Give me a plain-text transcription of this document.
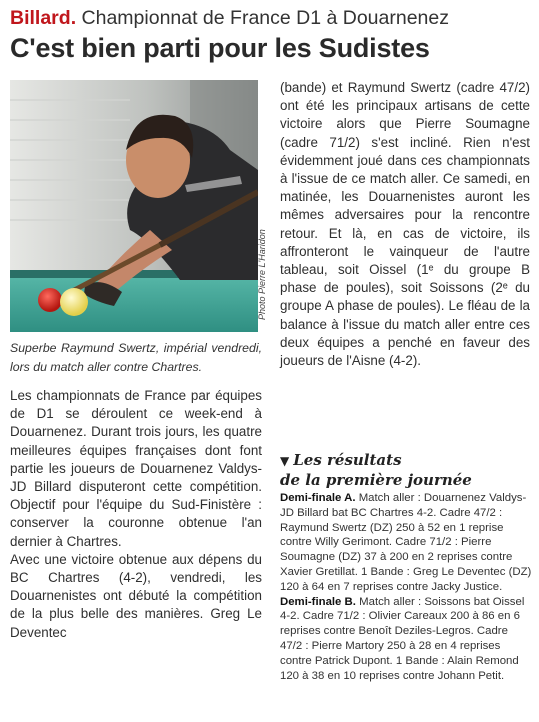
Billard. Championnat de France D1 à Douarnenez
C'est bien parti pour les Sudistes
Photo Pierre L'Haridon
Superbe Raymund Swertz, impérial vendredi, lors du match aller contre Chartres.

Les championnats de France par équipes de D1 se déroulent ce week-end à Douarnenez. Durant trois jours, les quatre meilleures équipes françaises dont font partie les joueurs de Douarnenez Valdys-JD Billard disputeront cette compétition. Objectif pour l'équipe du Sud-Finistère : conserver la couronne obtenue l'an dernier à Chartres.

Avec une victoire obtenue aux dépens du BC Chartres (4-2), vendredi, les Douarnenistes ont débuté la compétition de la plus belle des manières. Greg Le Deventec

(bande) et Raymund Swertz (cadre 47/2) ont été les principaux artisans de cette victoire alors que Pierre Soumagne (cadre 71/2) s'est incliné. Rien n'est évidemment joué dans ces championnats à l'issue de ce match aller. Ce samedi, en matinée, les Douarnenistes auront les mêmes adversaires pour la rencontre retour. Et là, en cas de victoire, ils affronteront le vainqueur de l'autre tableau, soit Oissel (1ᵉ du groupe B phase de poules), soit Soissons (2ᵉ du groupe A phase de poules). Le fléau de la balance à l'issue du match aller entre ces deux équipes a penché en faveur des joueurs de l'Aisne (4-2).

▼ Les résultats
de la première journée

Demi-finale A. Match aller : Douarnenez Valdys-JD Billard bat BC Chartres 4-2. Cadre 47/2 : Raymund Swertz (DZ) 250 à 52 en 1 reprise contre Willy Gerimont. Cadre 71/2 : Pierre Soumagne (DZ) 37 à 200 en 2 reprises contre Xavier Gretillat. 1 Bande : Greg Le Deventec (DZ) 120 à 64 en 7 reprises contre Jacky Justice.

Demi-finale B. Match aller : Soissons bat Oissel 4-2. Cadre 71/2 : Olivier Careaux 200 à 86 en 6 reprises contre Benoît Deziles-Legros. Cadre 47/2 : Pierre Martory 250 à 28 en 4 reprises contre Patrick Dupont. 1 Bande : Alain Remond 120 à 38 en 10 reprises contre Johann Petit.
